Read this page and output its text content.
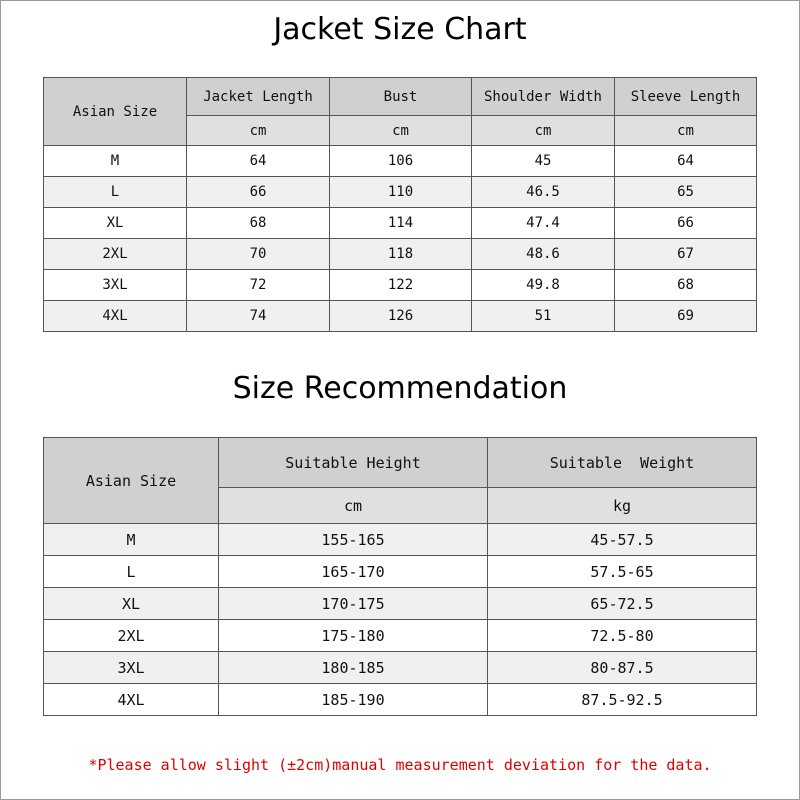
Jacket Size Chart
Asian Size	Jacket Length	Bust	Shoulder Width	Sleeve Length
	cm	cm	cm	cm
M	64	106	45	64
L	66	110	46.5	65
XL	68	114	47.4	66
2XL	70	118	48.6	67
3XL	72	122	49.8	68
4XL	74	126	51	69
Size Recommendation
Asian Size	Suitable Height	Suitable  Weight
	cm	kg
M	155-165	45-57.5
L	165-170	57.5-65
XL	170-175	65-72.5
2XL	175-180	72.5-80
3XL	180-185	80-87.5
4XL	185-190	87.5-92.5
*Please allow slight (±2cm)manual measurement deviation for the data.
